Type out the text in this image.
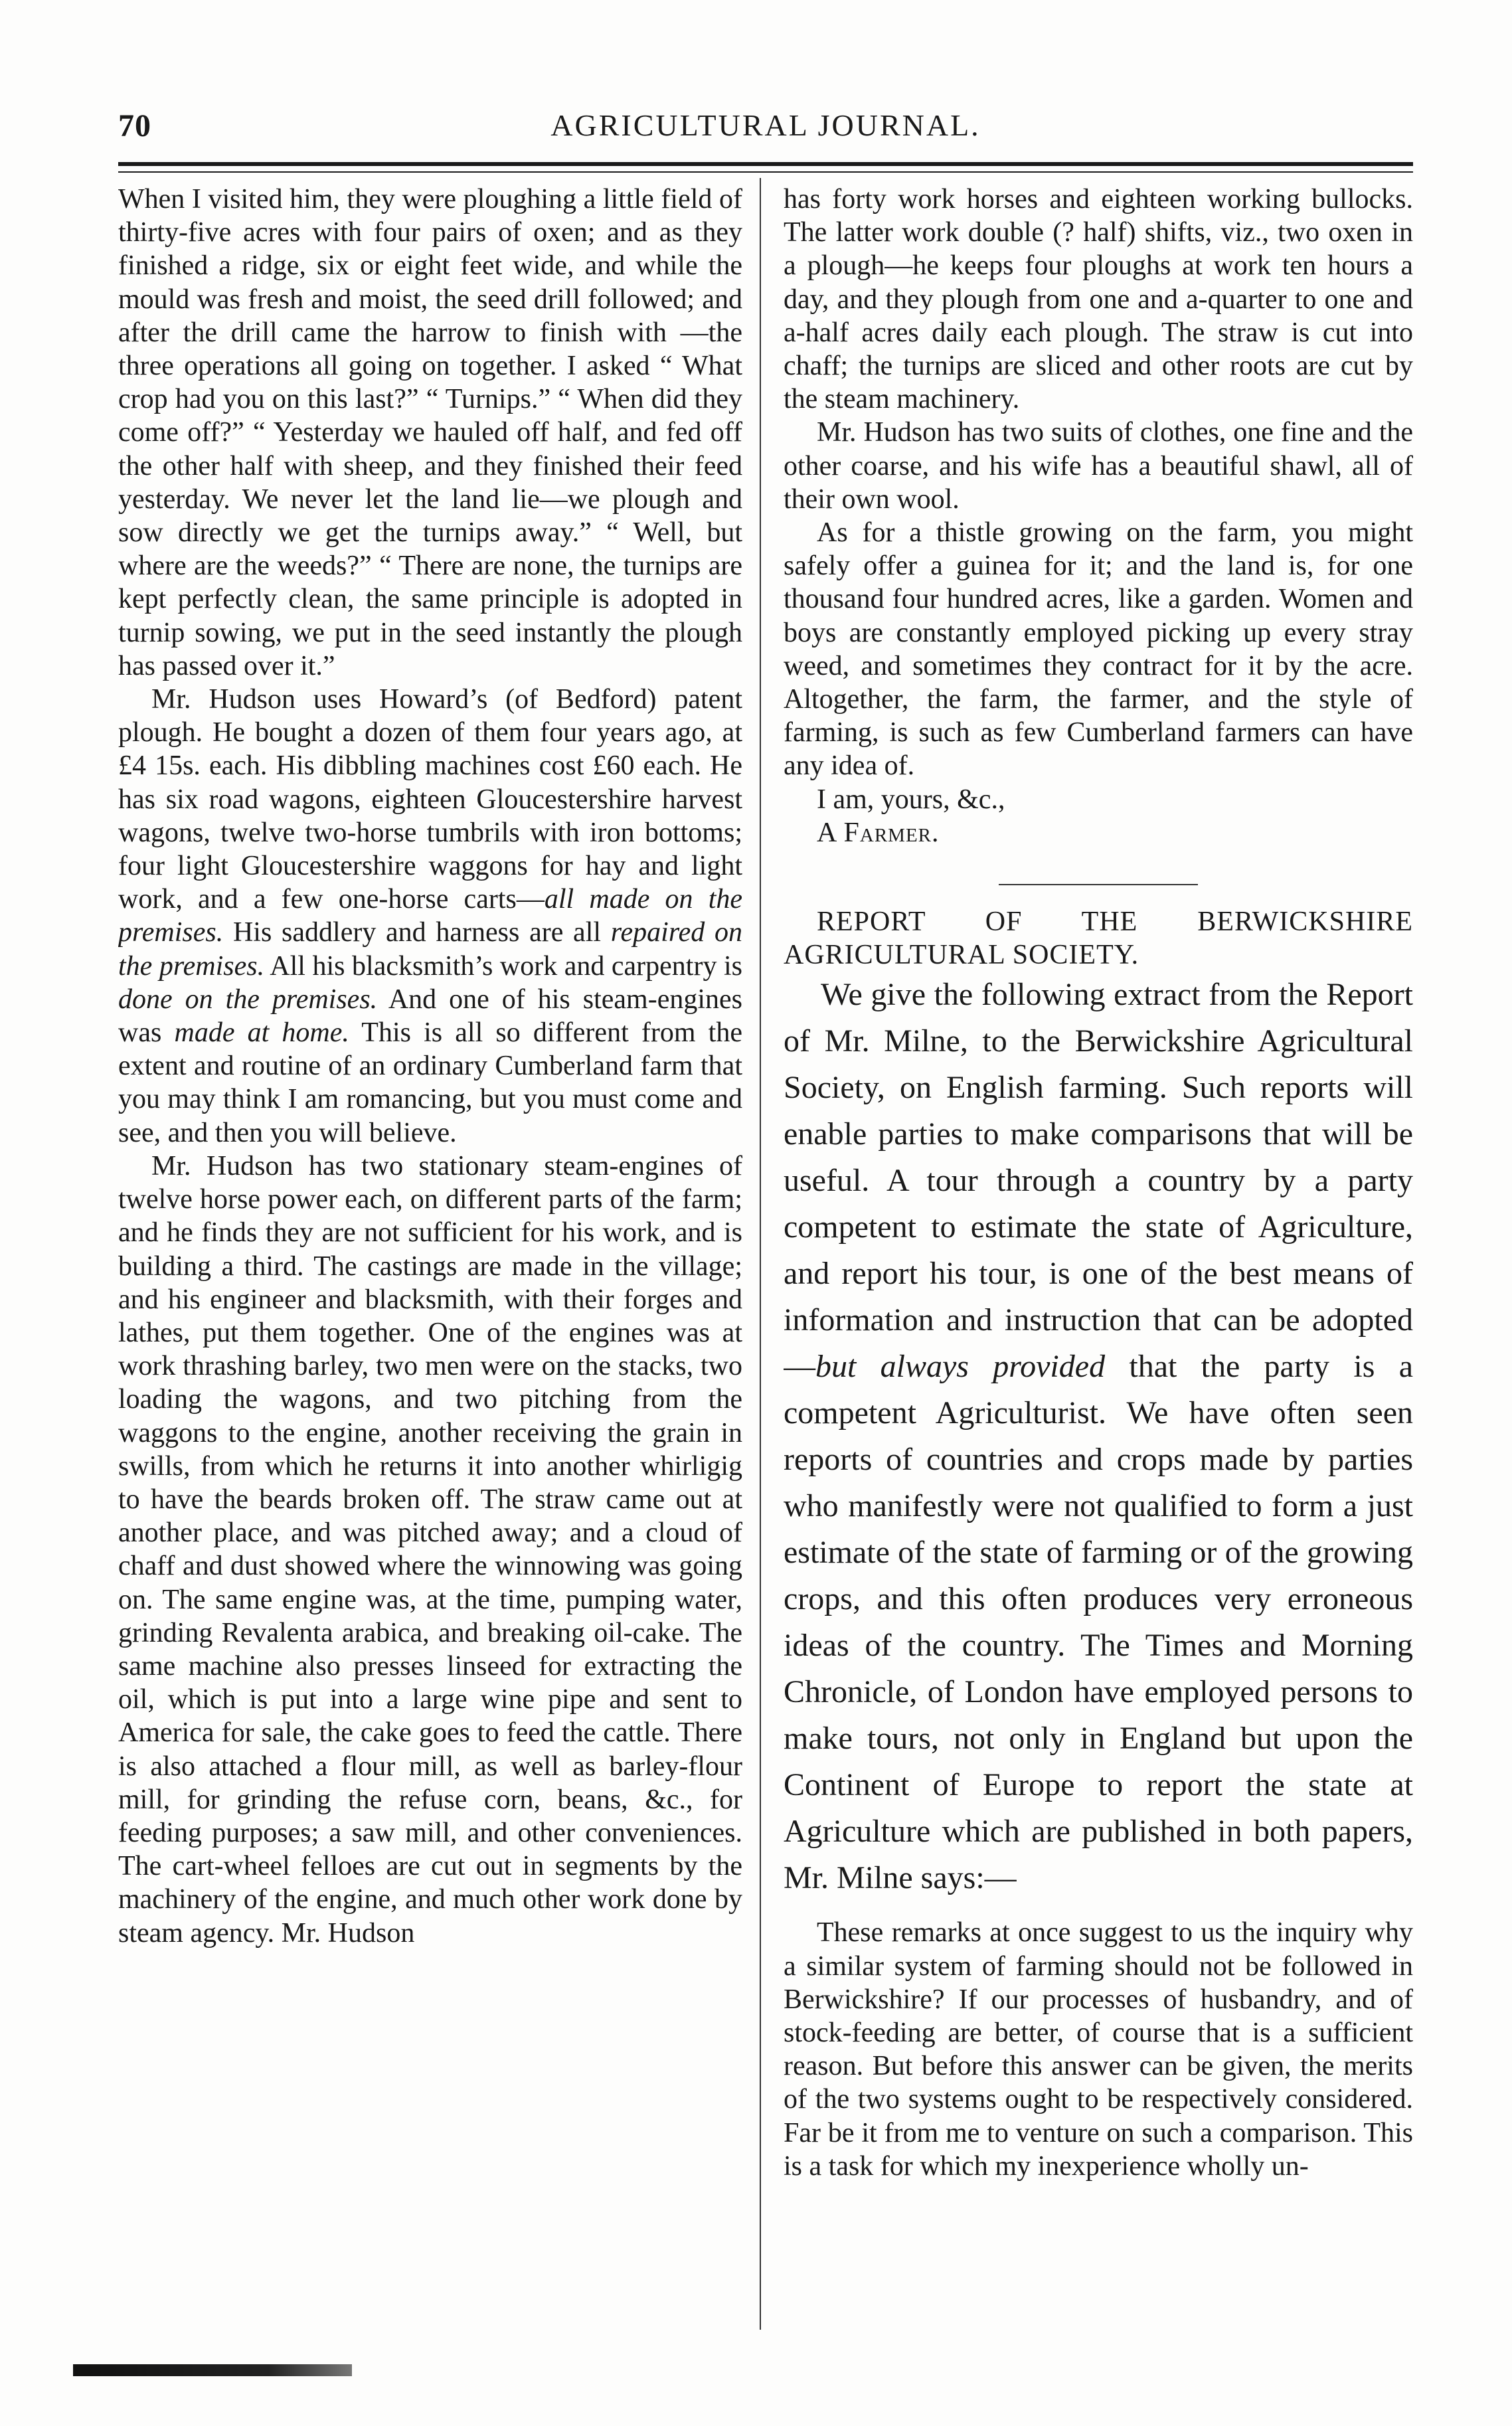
70	AGRICULTURAL JOURNAL.

When I visited him, they were ploughing a little field of thirty-five acres with four pairs of oxen; and as they finished a ridge, six or eight feet wide, and while the mould was fresh and moist, the seed drill followed; and after the drill came the harrow to finish with —the three operations all going on together. I asked “ What crop had you on this last?” “ Turnips.” “ When did they come off?” “ Yesterday we hauled off half, and fed off the other half with sheep, and they finished their feed yesterday. We never let the land lie—we plough and sow directly we get the turnips away.” “ Well, but where are the weeds?” “ There are none, the turnips are kept perfectly clean, the same principle is adopted in turnip sowing, we put in the seed instantly the plough has passed over it.”

Mr. Hudson uses Howard’s (of Bedford) patent plough. He bought a dozen of them four years ago, at £4 15s. each. His dibbling machines cost £60 each. He has six road wagons, eighteen Gloucestershire harvest wagons, twelve two-horse tumbrils with iron bottoms; four light Gloucestershire waggons for hay and light work, and a few one-horse carts—all made on the premises. His saddlery and harness are all repaired on the premises. All his blacksmith’s work and carpentry is done on the premises. And one of his steam-engines was made at home. This is all so different from the extent and routine of an ordinary Cumberland farm that you may think I am romancing, but you must come and see, and then you will believe.

Mr. Hudson has two stationary steam-engines of twelve horse power each, on different parts of the farm; and he finds they are not sufficient for his work, and is building a third. The castings are made in the village; and his engineer and blacksmith, with their forges and lathes, put them together. One of the engines was at work thrashing barley, two men were on the stacks, two loading the wagons, and two pitching from the waggons to the engine, another receiving the grain in swills, from which he returns it into another whirligig to have the beards broken off. The straw came out at another place, and was pitched away; and a cloud of chaff and dust showed where the winnowing was going on. The same engine was, at the time, pumping water, grinding Revalenta arabica, and breaking oil-cake. The same machine also presses linseed for extracting the oil, which is put into a large wine pipe and sent to America for sale, the cake goes to feed the cattle. There is also attached a flour mill, as well as barley-flour mill, for grinding the refuse corn, beans, &c., for feeding purposes; a saw mill, and other conveniences. The cart-wheel felloes are cut out in segments by the machinery of the engine, and much other work done by steam agency. Mr. Hudson

has forty work horses and eighteen working bullocks. The latter work double (? half) shifts, viz., two oxen in a plough—he keeps four ploughs at work ten hours a day, and they plough from one and a-quarter to one and a-half acres daily each plough. The straw is cut into chaff; the turnips are sliced and other roots are cut by the steam machinery.

Mr. Hudson has two suits of clothes, one fine and the other coarse, and his wife has a beautiful shawl, all of their own wool.

As for a thistle growing on the farm, you might safely offer a guinea for it; and the land is, for one thousand four hundred acres, like a garden. Women and boys are constantly employed picking up every stray weed, and sometimes they contract for it by the acre. Altogether, the farm, the farmer, and the style of farming, is such as few Cumberland farmers can have any idea of.

I am, yours, &c.,

A Farmer.

REPORT OF THE BERWICKSHIRE AGRICULTURAL SOCIETY.

We give the following extract from the Report of Mr. Milne, to the Berwickshire Agricultural Society, on English farming. Such reports will enable parties to make comparisons that will be useful. A tour through a country by a party competent to estimate the state of Agriculture, and report his tour, is one of the best means of information and instruction that can be adopted—but always provided that the party is a competent Agriculturist. We have often seen reports of countries and crops made by parties who manifestly were not qualified to form a just estimate of the state of farming or of the growing crops, and this often produces very erroneous ideas of the country. The Times and Morning Chronicle, of London have employed persons to make tours, not only in England but upon the Continent of Europe to report the state at Agriculture which are published in both papers, Mr. Milne says:—

These remarks at once suggest to us the inquiry why a similar system of farming should not be followed in Berwickshire? If our processes of husbandry, and of stock-feeding are better, of course that is a sufficient reason. But before this answer can be given, the merits of the two systems ought to be respectively considered. Far be it from me to venture on such a comparison. This is a task for which my inexperience wholly un-
